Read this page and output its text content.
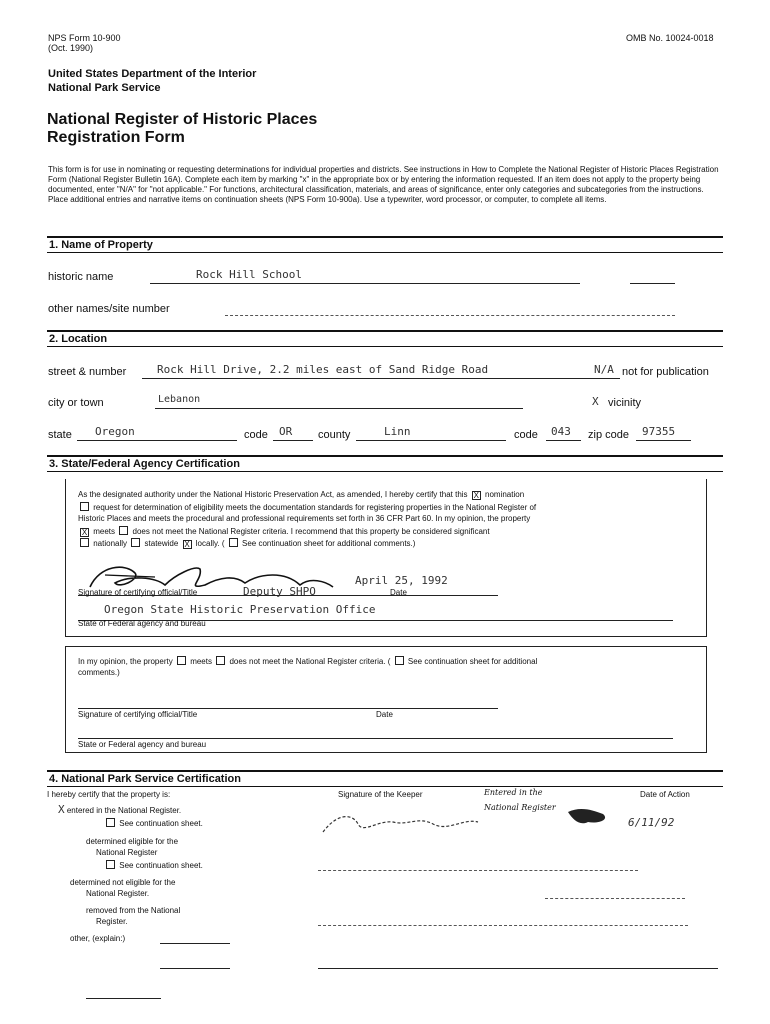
NPS Form 10-900
(Oct. 1990)
OMB No. 10024-0018
United States Department of the Interior
National Park Service
National Register of Historic Places
Registration Form
This form is for use in nominating or requesting determinations for individual properties and districts. See instructions in How to Complete the National Register of Historic Places Registration Form (National Register Bulletin 16A). Complete each item by marking "x" in the appropriate box or by entering the information requested. If an item does not apply to the property being documented, enter "N/A" for "not applicable." For functions, architectural classification, materials, and areas of significance, enter only categories and subcategories from the instructions. Place additional entries and narrative items on continuation sheets (NPS Form 10-900a). Use a typewriter, word processor, or computer, to complete all items.
1. Name of Property
historic name	Rock Hill School
other names/site number
2. Location
street & number	Rock Hill Drive, 2.2 miles east of Sand Ridge Road	N/A not for publication
city or town	Lebanon	X vicinity
state Oregon	code OR county	Linn	code 043 zip code 97355
3. State/Federal Agency Certification
As the designated authority under the National Historic Preservation Act, as amended, I hereby certify that this X nomination
request for determination of eligibility meets the documentation standards for registering properties in the National Register of
Historic Places and meets the procedural and professional requirements set forth in 36 CFR Part 60. In my opinion, the property
X meets does not meet the National Register criteria. I recommend that this property be considered significant
nationally statewide X locally. ( See continuation sheet for additional comments.)
Signature of certifying official/Title	Deputy SHPO
April 25, 1992
Date
Oregon State Historic Preservation Office
State of Federal agency and bureau
In my opinion, the property meets does not meet the National Register criteria. ( See continuation sheet for additional
comments.)
Signature of certifying official/Title	Date
State or Federal agency and bureau
4. National Park Service Certification
I hereby certify that the property is:	Signature of the Keeper	Date of Action
X entered in the National Register.
See continuation sheet.
Entered in the
National Register
6/11/92
determined eligible for the
National Register
See continuation sheet.
determined not eligible for the
National Register.
removed from the National
Register.
other, (explain:)
